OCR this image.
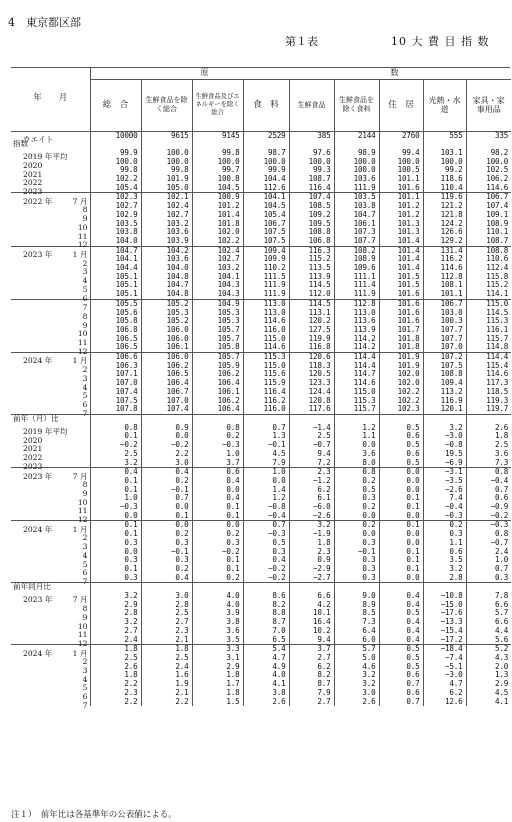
4　東京都区部
第１表	10 大 費 目 指 数
年　　月	原 数								

	総　合	生鮮食品を除く総合	生鮮食品及びエネルギーを除く総合	食　料	生鮮食品	生鮮食品を除く食料	住　居	光熱・水道	家具・家事用品

ウエイト	10000	9615	9145	2529	385	2144	2760	555	335
指数

2019 年平均	99.9	100.0	99.8	98.7	97.6	98.9	99.4	103.1	98.2

2020	100.0	100.0	100.0	100.0	100.0	100.0	100.0	100.0	100.0

2021	99.8	99.8	99.7	99.9	99.3	100.0	100.5	99.2	102.5

2022	102.2	101.9	100.8	104.4	108.7	103.6	101.1	118.6	106.2

2023	105.4	105.0	104.5	112.6	116.4	111.9	101.6	110.4	114.6

2022 年 7 月	102.3	102.1	100.9	104.1	107.4	103.5	101.1	119.6	106.7

8	102.7	102.4	101.2	104.5	108.5	103.8	101.2	121.2	107.4

9	102.9	102.7	101.4	105.4	109.2	104.7	101.2	121.8	109.1

10	103.5	103.2	101.8	106.7	109.5	106.1	101.3	124.2	108.9

11	103.8	103.6	102.0	107.5	108.8	107.3	101.3	126.6	110.1

12	104.0	103.9	102.2	107.5	106.8	107.7	101.4	129.2	108.7

2023 年 1 月	104.7	104.2	102.4	109.4	116.3	108.2	101.4	131.4	108.8

2	104.1	103.6	102.7	109.9	115.2	108.9	101.4	116.2	110.6

3	104.4	104.0	103.2	110.2	113.5	109.6	101.4	114.6	112.4

4	105.1	104.8	104.1	111.5	113.9	111.1	101.5	112.8	115.8

5	105.1	104.7	104.3	111.9	114.5	111.4	101.5	108.1	115.2

6	105.1	104.8	104.3	111.9	112.0	111.9	101.6	101.1	114.1

7	105.5	105.2	104.9	113.0	114.5	112.8	101.6	106.7	115.0

8	105.6	105.3	105.3	113.0	113.1	113.0	101.6	103.0	114.5

9	105.8	105.2	105.3	114.6	120.2	113.6	101.6	100.3	115.3

10	106.8	106.0	105.7	116.0	127.5	113.9	101.7	107.7	116.1

11	106.5	106.0	105.7	115.0	119.9	114.2	101.8	107.7	115.7

12	106.5	106.1	105.8	114.6	116.8	114.2	101.8	107.0	114.8

2024 年 1 月	106.6	106.0	105.7	115.3	120.6	114.4	101.9	107.2	114.4

2	106.3	106.2	105.9	115.0	118.3	114.4	101.9	107.5	115.4

3	107.1	106.5	106.2	115.6	120.5	114.7	102.0	108.8	114.6

4	107.0	106.4	106.4	115.9	123.3	114.6	102.0	109.4	117.3

5	107.4	106.7	106.1	116.4	124.4	115.0	102.2	113.2	118.5

6	107.5	107.0	106.2	116.2	120.8	115.3	102.2	116.9	119.3

7	107.8	107.4	106.4	116.0	117.6	115.7	102.3	120.1	119.7
前年（月）比

2019 年平均	0.8	0.9	0.8	0.7	−1.4	1.2	0.5	3.2	2.6

2020	0.1	0.0	0.2	1.3	2.5	1.1	0.6	−3.0	1.8

2021	−0.2	−0.2	−0.3	−0.1	−0.7	0.0	0.5	−0.8	2.5

2022	2.5	2.2	1.0	4.5	9.4	3.6	0.6	19.5	3.6

2023	3.2	3.0	3.7	7.9	7.2	8.0	0.5	−6.9	7.3

2023 年 7 月	0.4	0.4	0.6	1.0	2.3	0.8	0.0	−3.1	0.8

8	0.1	0.2	0.4	0.0	−1.2	0.2	0.0	−3.5	−0.4

9	0.1	−0.1	0.0	1.4	6.2	0.5	0.0	−2.6	0.7

10	1.0	0.7	0.4	1.2	6.1	0.3	0.1	7.4	0.6

11	−0.3	0.0	0.1	−0.8	−6.0	0.2	0.1	−0.4	−0.9

12	0.0	0.1	0.1	−0.4	−2.6	0.0	0.0	−0.3	−0.2

2024 年 1 月	0.1	0.0	0.0	0.7	3.2	0.2	0.1	0.2	−0.3

2	0.1	0.2	0.2	−0.3	−1.9	0.0	0.0	0.3	0.8

3	0.3	0.3	0.3	0.5	1.8	0.3	0.0	1.1	−0.7

4	0.0	−0.1	−0.2	0.3	2.3	−0.1	0.1	0.6	2.4

5	0.3	0.3	0.1	0.4	0.9	0.3	0.1	3.5	1.0

6	0.1	0.2	0.1	−0.2	−2.9	0.3	0.1	3.2	0.7

7	0.3	0.4	0.2	−0.2	−2.7	0.3	0.0	2.8	0.3
前年同月比

2023 年 7 月	3.2	3.0	4.0	8.6	6.6	9.0	0.4	−10.8	7.8

8	2.9	2.8	4.0	8.2	4.2	8.9	0.4	−15.0	6.6

9	2.8	2.5	3.9	8.8	10.1	8.5	0.5	−17.6	5.7

10	3.2	2.7	3.8	8.7	16.4	7.3	0.4	−13.3	6.6

11	2.7	2.3	3.6	7.0	10.2	6.4	0.4	−15.4	4.4

12	2.4	2.1	3.5	6.5	9.4	6.0	0.4	−17.2	5.6

2024 年 1 月	1.8	1.8	3.3	5.4	3.7	5.7	0.5	−18.4	5.2

2	2.5	2.5	3.1	4.7	2.7	5.0	0.5	−7.4	4.3

3	2.6	2.4	2.9	4.9	6.2	4.6	0.5	−5.1	2.0

4	1.8	1.6	1.8	4.0	8.2	3.2	0.6	−3.0	1.3

5	2.2	1.9	1.7	4.1	8.7	3.2	0.7	4.7	2.9

6	2.3	2.1	1.8	3.8	7.9	3.0	0.6	6.2	4.5

7	2.2	2.2	1.5	2.6	2.7	2.6	0.7	12.6	4.1
注１）　前年比は各基準年の公表値による。
